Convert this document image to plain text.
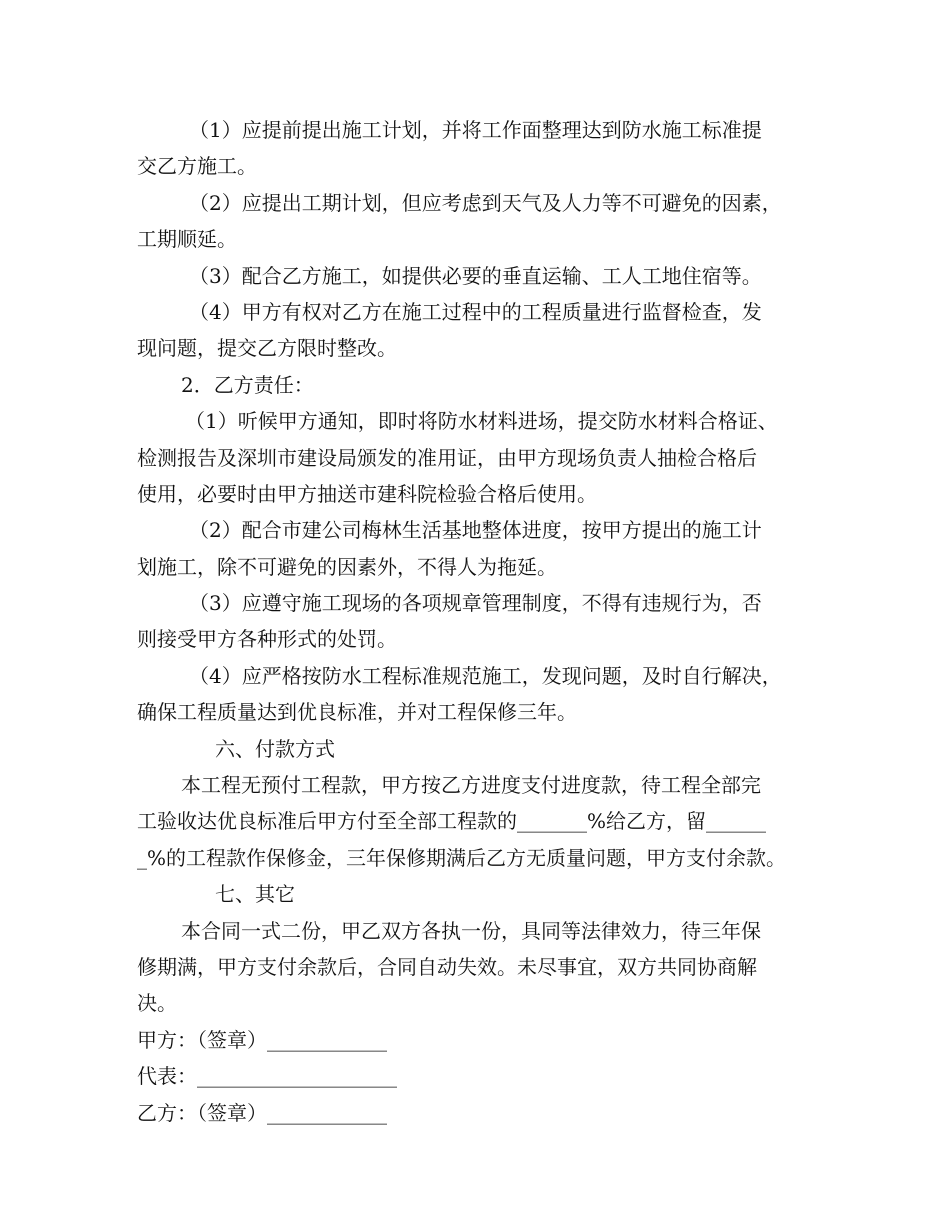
（1）应提前提出施工计划，并将工作面整理达到防水施工标准提
交乙方施工。
（2）应提出工期计划，但应考虑到天气及人力等不可避免的因素，
工期顺延。
（3）配合乙方施工，如提供必要的垂直运输、工人工地住宿等。
（4）甲方有权对乙方在施工过程中的工程质量进行监督检查，发
现问题，提交乙方限时整改。
2．乙方责任：
（1）听候甲方通知，即时将防水材料进场，提交防水材料合格证、
检测报告及深圳市建设局颁发的准用证，由甲方现场负责人抽检合格后
使用，必要时由甲方抽送市建科院检验合格后使用。
（2）配合市建公司梅林生活基地整体进度，按甲方提出的施工计
划施工，除不可避免的因素外，不得人为拖延。
（3）应遵守施工现场的各项规章管理制度，不得有违规行为，否
则接受甲方各种形式的处罚。
（4）应严格按防水工程标准规范施工，发现问题，及时自行解决，
确保工程质量达到优良标准，并对工程保修三年。
六、付款方式
本工程无预付工程款，甲方按乙方进度支付进度款，待工程全部完
工验收达优良标准后甲方付至全部工程款的_______%给乙方，留______
_%的工程款作保修金，三年保修期满后乙方无质量问题，甲方支付余款。
七、其它
本合同一式二份，甲乙双方各执一份，具同等法律效力，待三年保
修期满，甲方支付余款后，合同自动失效。未尽事宜，双方共同协商解
决。
甲方：（签章）____________
代表：____________________
乙方：（签章）____________
